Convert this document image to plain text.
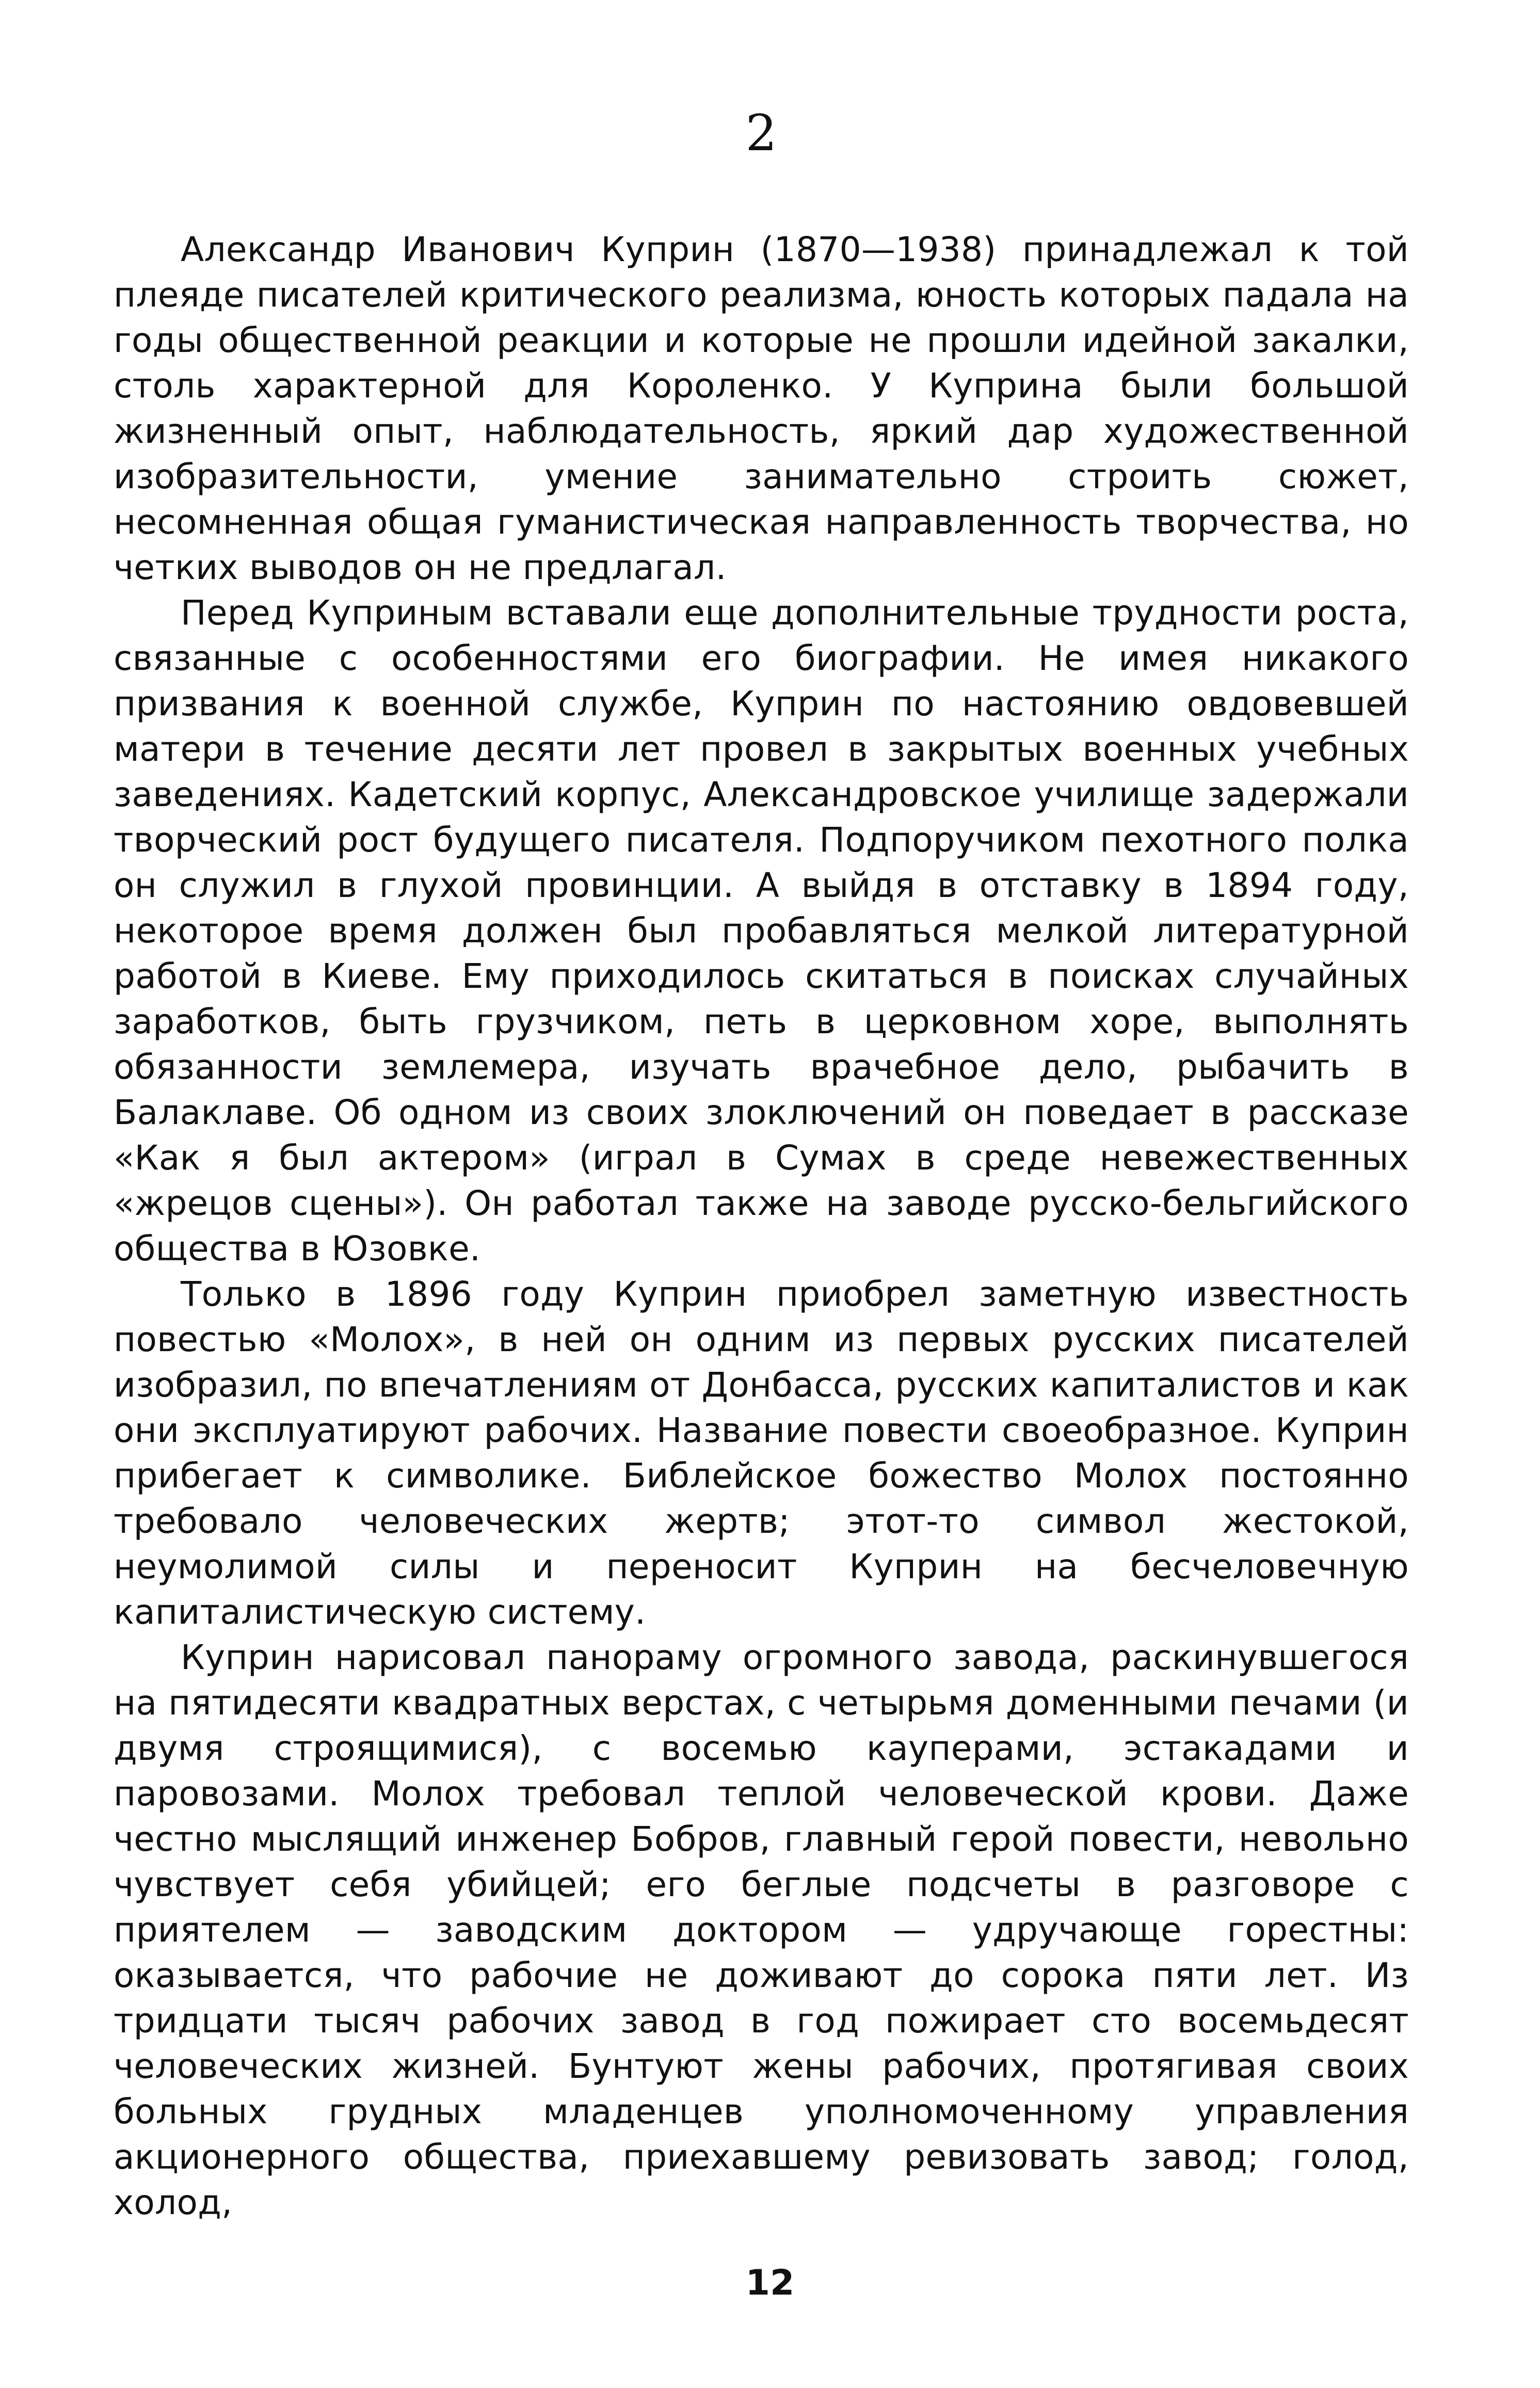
2

Александр Иванович Куприн (1870—1938) принадлежал к той плеяде писателей критического реализма, юность которых падала на годы общественной реакции и которые не прошли идейной закалки, столь характерной для Короленко. У Куприна были большой жизненный опыт, наблюдательность, яркий дар художественной изобразительности, умение занимательно строить сюжет, несомненная общая гуманистическая направленность творчества, но четких выводов он не предлагал.

Перед Куприным вставали еще дополнительные трудности роста, связанные с особенностями его биографии. Не имея никакого призвания к военной службе, Куприн по настоянию овдовевшей матери в течение десяти лет провел в закрытых военных учебных заведениях. Кадетский корпус, Александровское училище задержали творческий рост будущего писателя. Подпоручиком пехотного полка он служил в глухой провинции. А выйдя в отставку в 1894 году, некоторое время должен был пробавляться мелкой литературной работой в Киеве. Ему приходилось скитаться в поисках случайных заработков, быть грузчиком, петь в церковном хоре, выполнять обязанности землемера, изучать врачебное дело, рыбачить в Балаклаве. Об одном из своих злоключений он поведает в рассказе «Как я был актером» (играл в Сумах в среде невежественных «жрецов сцены»). Он работал также на заводе русско-бельгийского общества в Юзовке.

Только в 1896 году Куприн приобрел заметную известность повестью «Молох», в ней он одним из первых русских писателей изобразил, по впечатлениям от Донбасса, русских капиталистов и как они эксплуатируют рабочих. Название повести своеобразное. Куприн прибегает к символике. Библейское божество Молох постоянно требовало человеческих жертв; этот-то символ жестокой, неумолимой силы и переносит Куприн на бесчеловечную капиталистическую систему.

Куприн нарисовал панораму огромного завода, раскинувшегося на пятидесяти квадратных верстах, с четырьмя доменными печами (и двумя строящимися), с восемью кауперами, эстакадами и паровозами. Молох требовал теплой человеческой крови. Даже честно мыслящий инженер Бобров, главный герой повести, невольно чувствует себя убийцей; его беглые подсчеты в разговоре с приятелем — заводским доктором — удручающе горестны: оказывается, что рабочие не доживают до сорока пяти лет. Из тридцати тысяч рабочих завод в год пожирает сто восемьдесят человеческих жизней. Бунтуют жены рабочих, протягивая своих больных грудных младенцев уполномоченному управления акционерного общества, приехавшему ревизовать завод; голод, холод,

12
